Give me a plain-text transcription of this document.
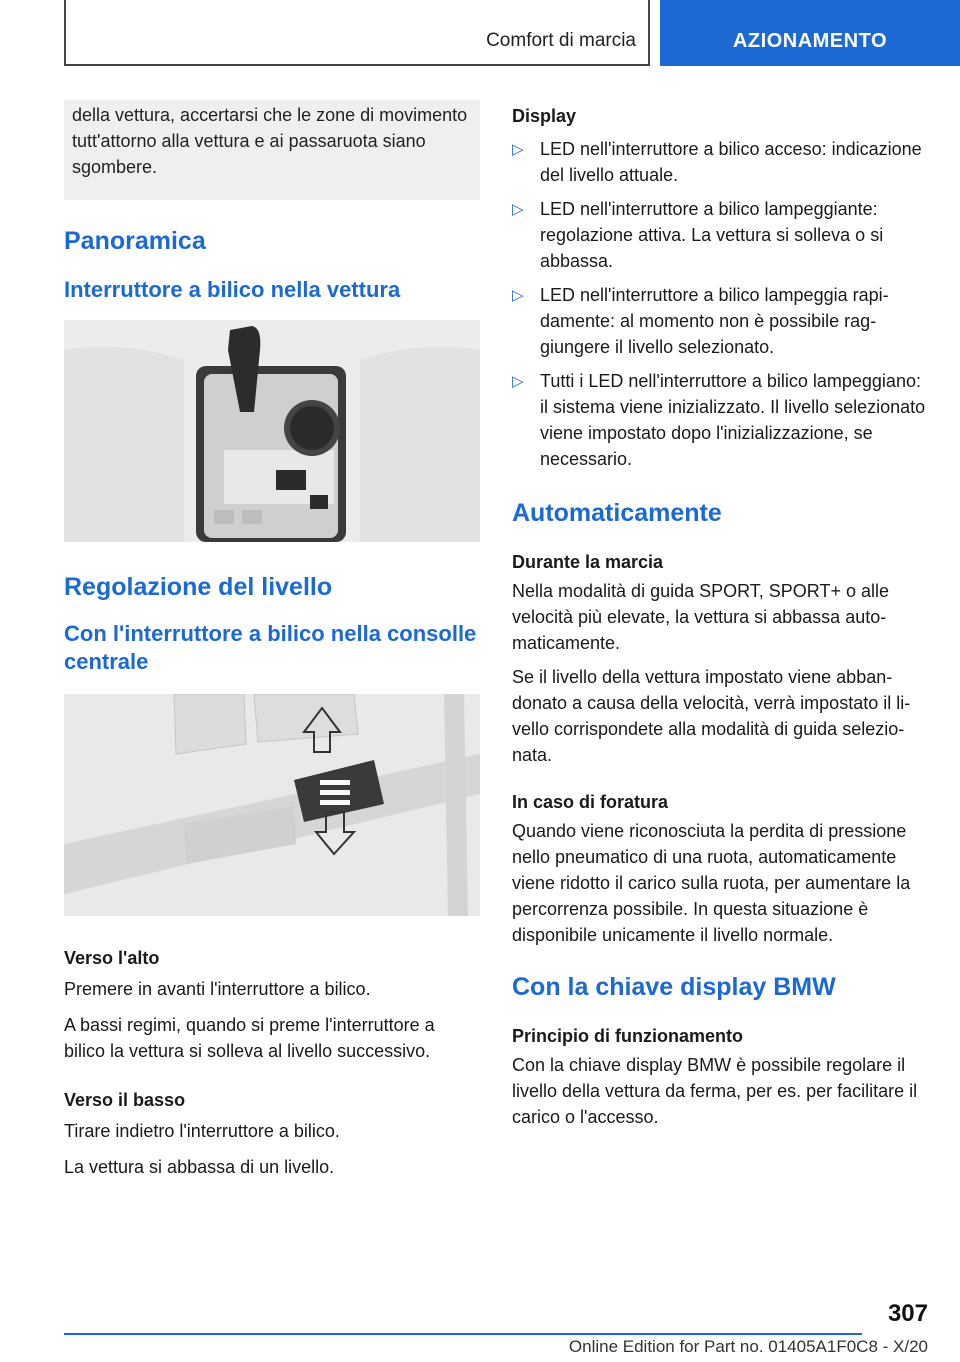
Comfort di marcia	AZIONAMENTO
della vettura, accertarsi che le zone di movimento tutt'attorno alla vettura e ai passaruota siano sgombere.
Panoramica
Interruttore a bilico nella vettura
Regolazione del livello
Con l'interruttore a bilico nella consolle centrale
Verso l'alto
Premere in avanti l'interruttore a bilico.
A bassi regimi, quando si preme l'interruttore a bilico la vettura si solleva al livello successivo.
Verso il basso
Tirare indietro l'interruttore a bilico.
La vettura si abbassa di un livello.
Display
▷ LED nell'interruttore a bilico acceso: indicazione del livello attuale.
▷ LED nell'interruttore a bilico lampeggiante: regolazione attiva. La vettura si solleva o si abbassa.
▷ LED nell'interruttore a bilico lampeggia rapidamente: al momento non è possibile raggiungere il livello selezionato.
▷ Tutti i LED nell'interruttore a bilico lampeggiano: il sistema viene inizializzato. Il livello selezionato viene impostato dopo l'inizializzazione, se necessario.
Automaticamente
Durante la marcia
Nella modalità di guida SPORT, SPORT+ o alle velocità più elevate, la vettura si abbassa automaticamente.
Se il livello della vettura impostato viene abbandonato a causa della velocità, verrà impostato il livello corrispondete alla modalità di guida selezionata.
In caso di foratura
Quando viene riconosciuta la perdita di pressione nello pneumatico di una ruota, automaticamente viene ridotto il carico sulla ruota, per aumentare la percorrenza possibile. In questa situazione è disponibile unicamente il livello normale.
Con la chiave display BMW
Principio di funzionamento
Con la chiave display BMW è possibile regolare il livello della vettura da ferma, per es. per facilitare il carico o l'accesso.
307
Online Edition for Part no. 01405A1F0C8 - X/20
